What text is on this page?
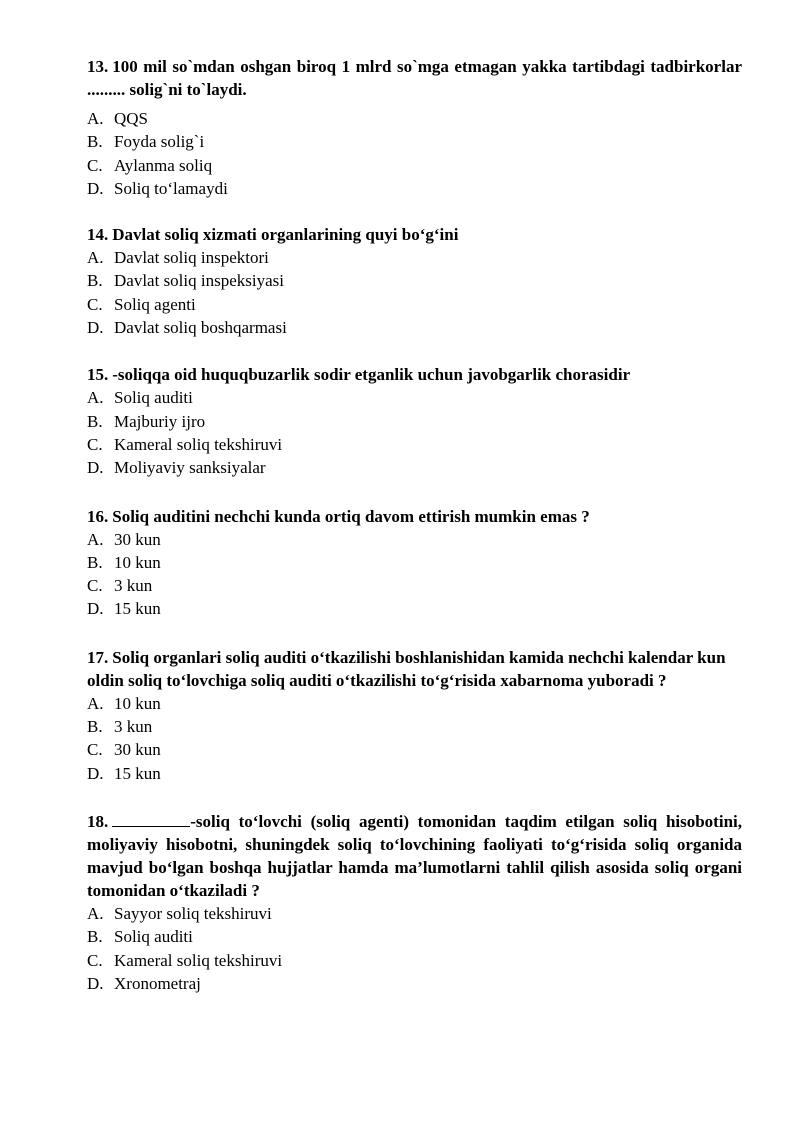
13. 100 mil so`mdan oshgan biroq 1 mlrd so`mga etmagan yakka tartibdagi tadbirkorlar ......... solig`ni to`laydi.

A. QQS
B. Foyda solig`i
C. Aylanma soliq
D. Soliq to‘lamaydi

14. Davlat soliq xizmati organlarining quyi bo‘g‘ini

A. Davlat soliq inspektori
B. Davlat soliq inspeksiyasi
C. Soliq agenti
D. Davlat soliq boshqarmasi

15. -soliqqa oid huquqbuzarlik sodir etganlik uchun javobgarlik chorasidir

A. Soliq auditi
B. Majburiy ijro
C. Kameral soliq tekshiruvi
D. Moliyaviy sanksiyalar

16. Soliq auditini nechchi kunda ortiq davom ettirish mumkin emas ?

A. 30 kun
B. 10 kun
C. 3 kun
D. 15 kun

17. Soliq organlari soliq auditi o‘tkazilishi boshlanishidan kamida nechchi kalendar kun oldin soliq to‘lovchiga soliq auditi o‘tkazilishi to‘g‘risida xabarnoma yuboradi ?

A. 10 kun
B. 3 kun
C. 30 kun
D. 15 kun

18.	-soliq to‘lovchi (soliq agenti) tomonidan taqdim etilgan soliq hisobotini, moliyaviy hisobotni, shuningdek soliq to‘lovchining faoliyati to‘g‘risida soliq organida mavjud bo‘lgan boshqa hujjatlar hamda ma’lumotlarni tahlil qilish asosida soliq organi tomonidan o‘tkaziladi ?

A. Sayyor soliq tekshiruvi
B. Soliq auditi
C. Kameral soliq tekshiruvi
D. Xronometraj
